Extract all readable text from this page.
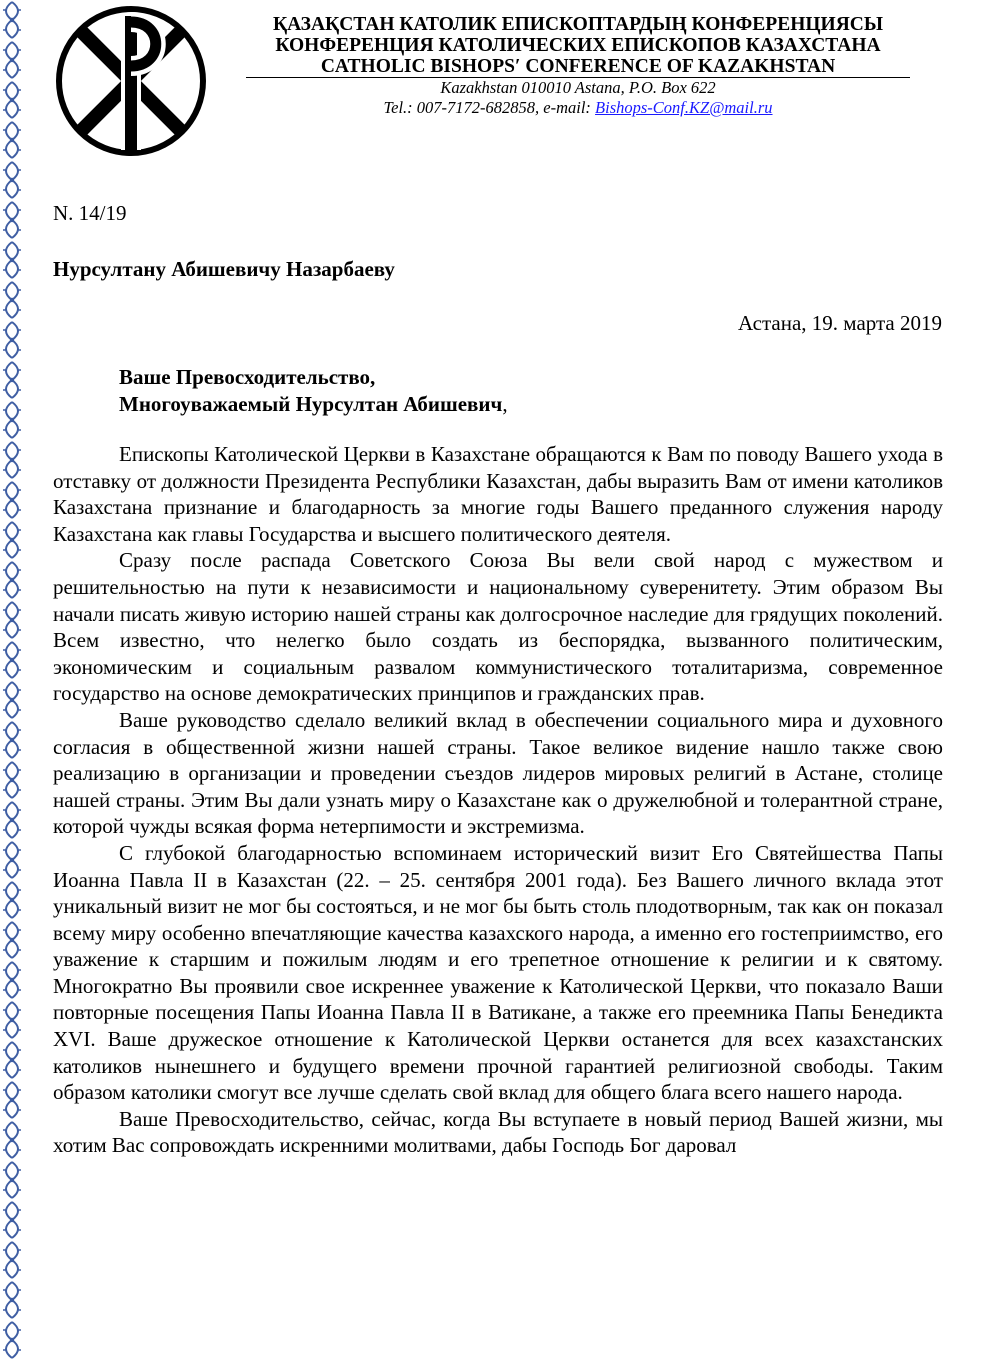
ҚАЗАҚСТАН КАТОЛИК ЕПИСКОПТАРДЫҢ КОНФЕРЕНЦИЯСЫ
КОНФЕРЕНЦИЯ КАТОЛИЧЕСКИХ ЕПИСКОПОВ КАЗАХСТАНА
CATHOLIC BISHOPS′ CONFERENCE OF KAZAKHSTAN
Kazakhstan 010010 Astana, P.O. Box 622
Tel.: 007-7172-682858, e-mail: Bishops-Conf.KZ@mail.ru
N. 14/19
Нурсултану Абишевичу Назарбаеву
Астана, 19. марта 2019
Ваше Превосходительство,
Многоуважаемый Нурсултан Абишевич,

Епископы Католической Церкви в Казахстане обращаются к Вам по поводу Вашего ухода в отставку от должности Президента Республики Казахстан, дабы выразить Вам от имени католиков Казахстана признание и благодарность за многие годы Вашего преданного служения народу Казахстана как главы Государства и высшего политического деятеля.

Сразу после распада Советского Союза Вы вели свой народ с мужеством и решительностью на пути к независимости и национальному суверенитету. Этим образом Вы начали писать живую историю нашей страны как долгосрочное наследие для грядущих поколений. Всем известно, что нелегко было создать из беспорядка, вызванного политическим, экономическим и социальным развалом коммунистического тоталитаризма, современное государство на основе демократических принципов и гражданских прав.

Ваше руководство сделало великий вклад в обеспечении социального мира и духовного согласия в общественной жизни нашей страны. Такое великое видение нашло также свою реализацию в организации и проведении съездов лидеров мировых религий в Астане, столице нашей страны. Этим Вы дали узнать миру о Казахстане как о дружелюбной и толерантной стране, которой чужды всякая форма нетерпимости и экстремизма.

С глубокой благодарностью вспоминаем исторический визит Его Святейшества Папы Иоанна Павла II в Казахстан (22. – 25. сентября 2001 года). Без Вашего личного вклада этот уникальный визит не мог бы состояться, и не мог бы быть столь плодотворным, так как он показал всему миру особенно впечатляющие качества казахского народа, а именно его гостеприимство, его уважение к старшим и пожилым людям и его трепетное отношение к религии и к святому. Многократно Вы проявили свое искреннее уважение к Католической Церкви, что показало Ваши повторные посещения Папы Иоанна Павла II в Ватикане, а также его преемника Папы Бенедикта XVI. Ваше дружеское отношение к Католической Церкви останется для всех казахстанских католиков нынешнего и будущего времени прочной гарантией религиозной свободы. Таким образом католики смогут все лучше сделать свой вклад для общего блага всего нашего народа.

Ваше Превосходительство, сейчас, когда Вы вступаете в новый период Вашей жизни, мы хотим Вас сопровождать искренними молитвами, дабы Господь Бог даровал
